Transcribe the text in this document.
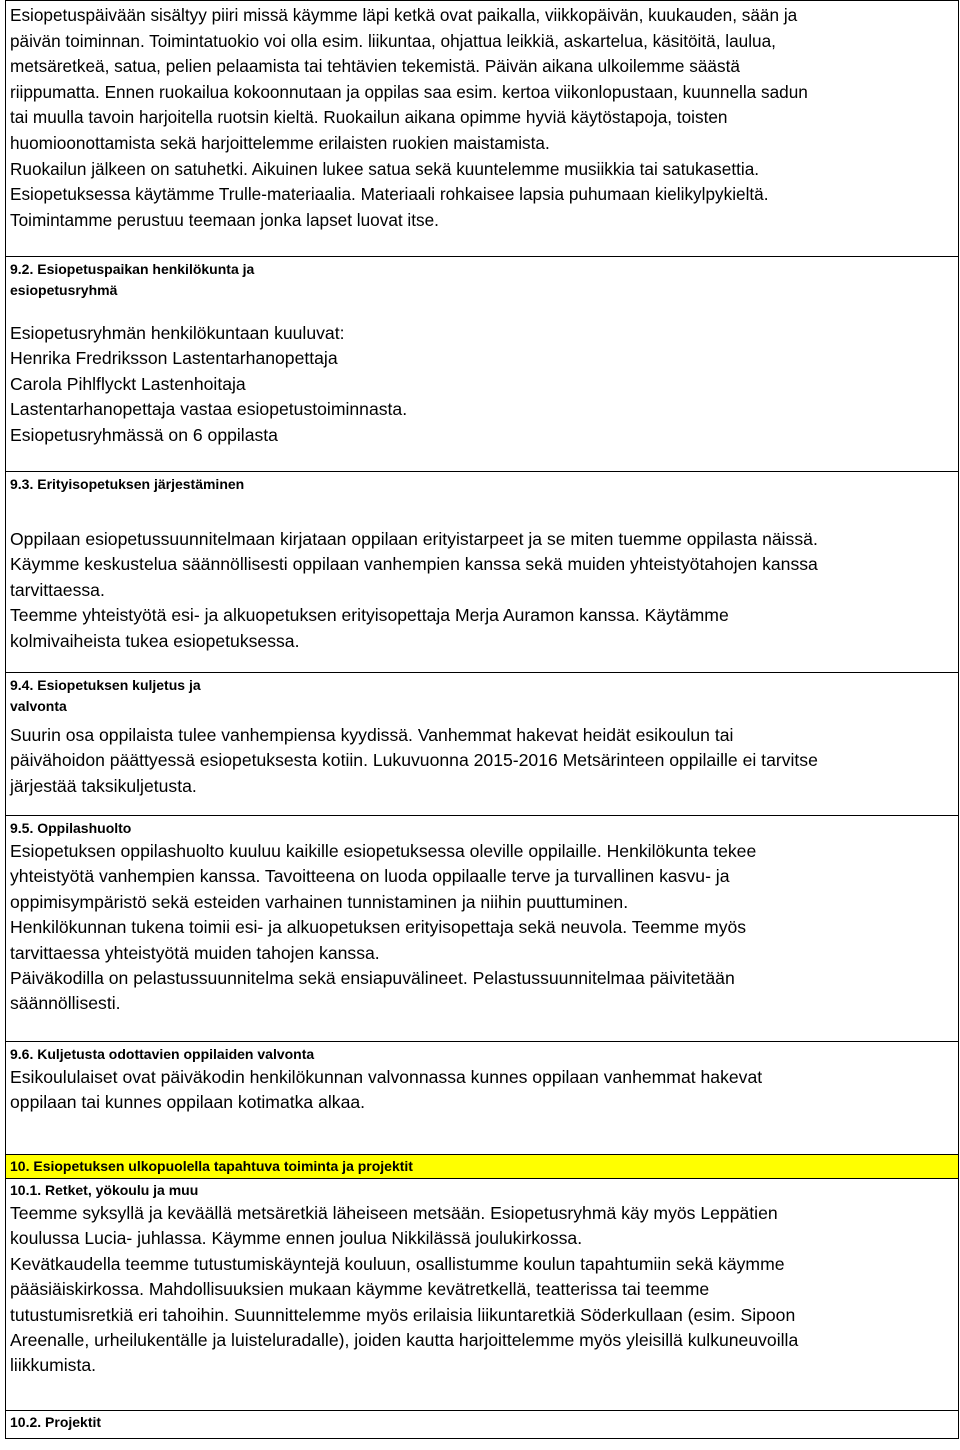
Esiopetuspäivään sisältyy piiri missä käymme läpi ketkä ovat paikalla, viikkopäivän, kuukauden, sään ja
päivän toiminnan. Toimintatuokio voi olla esim. liikuntaa, ohjattua leikkiä, askartelua, käsitöitä, laulua,
metsäretkeä, satua, pelien pelaamista tai tehtävien tekemistä. Päivän aikana ulkoilemme säästä
riippumatta. Ennen ruokailua kokoonnutaan ja oppilas saa esim. kertoa viikonlopustaan, kuunnella sadun
tai muulla tavoin harjoitella ruotsin kieltä. Ruokailun aikana opimme hyviä käytöstapoja, toisten
huomioonottamista sekä harjoittelemme erilaisten ruokien maistamista.
Ruokailun jälkeen on satuhetki. Aikuinen lukee satua sekä kuuntelemme musiikkia tai satukasettia.
Esiopetuksessa käytämme Trulle-materiaalia. Materiaali rohkaisee lapsia puhumaan kielikylpykieltä.
Toimintamme perustuu teemaan jonka lapset luovat itse.

9.2. Esiopetuspaikan henkilökunta ja
esiopetusryhmä
Esiopetusryhmän henkilökuntaan kuuluvat:
Henrika Fredriksson Lastentarhanopettaja
Carola Pihlflyckt Lastenhoitaja
Lastentarhanopettaja vastaa esiopetustoiminnasta.
Esiopetusryhmässä on 6 oppilasta

9.3. Erityisopetuksen järjestäminen
Oppilaan esiopetussuunnitelmaan kirjataan oppilaan erityistarpeet ja se miten tuemme oppilasta näissä.
Käymme keskustelua säännöllisesti oppilaan vanhempien kanssa sekä muiden yhteistyötahojen kanssa
tarvittaessa.
Teemme yhteistyötä esi- ja alkuopetuksen erityisopettaja Merja Auramon kanssa. Käytämme
kolmivaiheista tukea esiopetuksessa.

9.4. Esiopetuksen kuljetus ja
valvonta
Suurin osa oppilaista tulee vanhempiensa kyydissä. Vanhemmat hakevat heidät esikoulun tai
päivähoidon päättyessä esiopetuksesta kotiin. Lukuvuonna 2015-2016 Metsärinteen oppilaille ei tarvitse
järjestää taksikuljetusta.

9.5. Oppilashuolto
Esiopetuksen oppilashuolto kuuluu kaikille esiopetuksessa oleville oppilaille. Henkilökunta tekee
yhteistyötä vanhempien kanssa. Tavoitteena on luoda oppilaalle terve ja turvallinen kasvu- ja
oppimisympäristö sekä esteiden varhainen tunnistaminen ja niihin puuttuminen.
Henkilökunnan tukena toimii esi- ja alkuopetuksen erityisopettaja sekä neuvola. Teemme myös
tarvittaessa yhteistyötä muiden tahojen kanssa.
Päiväkodilla on pelastussuunnitelma sekä ensiapuvälineet. Pelastussuunnitelmaa päivitetään
säännöllisesti.

9.6. Kuljetusta odottavien oppilaiden valvonta
Esikoululaiset ovat päiväkodin henkilökunnan valvonnassa kunnes oppilaan vanhemmat hakevat
oppilaan tai kunnes oppilaan kotimatka alkaa.

10. Esiopetuksen ulkopuolella tapahtuva toiminta ja projektit

10.1. Retket, yökoulu ja muu
Teemme syksyllä ja keväällä metsäretkiä läheiseen metsään. Esiopetusryhmä käy myös Leppätien
koulussa Lucia- juhlassa. Käymme ennen joulua Nikkilässä joulukirkossa.
Kevätkaudella teemme tutustumiskäyntejä kouluun, osallistumme koulun tapahtumiin sekä käymme
pääsiäiskirkossa. Mahdollisuuksien mukaan käymme kevätretkellä, teatterissa tai teemme
tutustumisretkiä eri tahoihin. Suunnittelemme myös erilaisia liikuntaretkiä Söderkullaan (esim. Sipoon
Areenalle, urheilukentälle ja luisteluradalle), joiden kautta harjoittelemme myös yleisillä kulkuneuvoilla
liikkumista.

10.2. Projektit
